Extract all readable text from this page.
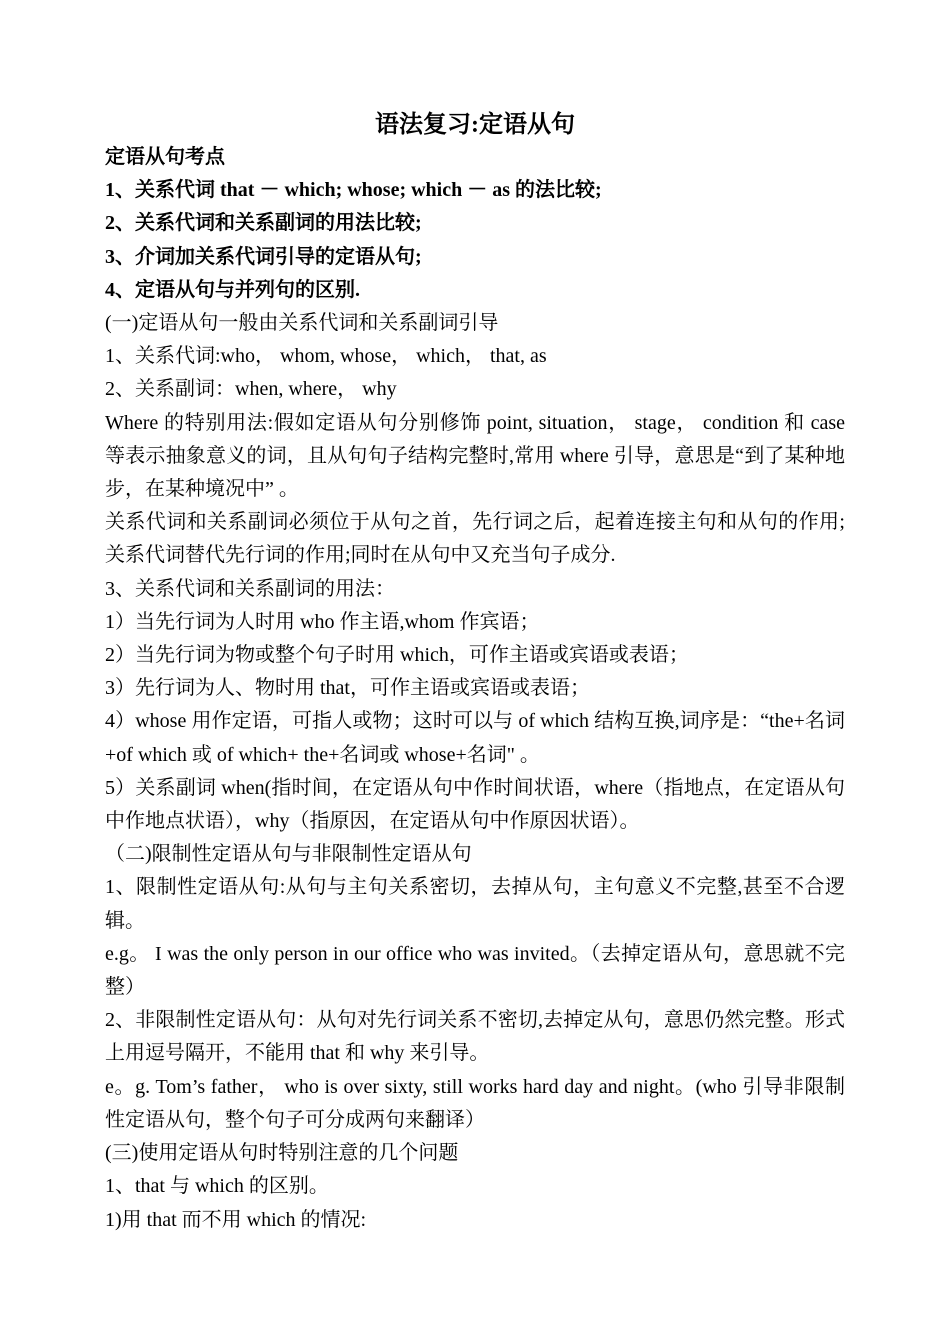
语法复习:定语从句

定语从句考点

1、关系代词 that － which; whose; which － as 的法比较;

2、关系代词和关系副词的用法比较;

3、介词加关系代词引导的定语从句;

4、定语从句与并列句的区别.

(一)定语从句一般由关系代词和关系副词引导

1、关系代词:who， whom, whose， which， that, as

2、关系副词：when, where， why

Where 的特别用法:假如定语从句分别修饰 point, situation， stage， condition 和 case 等表示抽象意义的词，且从句句子结构完整时,常用 where 引导，意思是“到了某种地步，在某种境况中” 。

关系代词和关系副词必须位于从句之首，先行词之后，起着连接主句和从句的作用;关系代词替代先行词的作用;同时在从句中又充当句子成分.

3、关系代词和关系副词的用法：

1）当先行词为人时用 who 作主语,whom 作宾语；

2）当先行词为物或整个句子时用 which，可作主语或宾语或表语；

3）先行词为人、物时用 that，可作主语或宾语或表语；

4）whose 用作定语，可指人或物；这时可以与 of which 结构互换,词序是：“the+名词+of which 或 of which+ the+名词或 whose+名词" 。

5）关系副词 when(指时间，在定语从句中作时间状语，where（指地点，在定语从句中作地点状语），why（指原因，在定语从句中作原因状语）。

（二)限制性定语从句与非限制性定语从句

1、限制性定语从句:从句与主句关系密切，去掉从句，主句意义不完整,甚至不合逻辑。

e.g。 I was the only person in our office who was invited。（去掉定语从句，意思就不完整）

2、非限制性定语从句：从句对先行词关系不密切,去掉定从句，意思仍然完整。形式上用逗号隔开，不能用 that 和 why 来引导。

e。g. Tom’s father， who is over sixty, still works hard day and night。(who 引导非限制性定语从句，整个句子可分成两句来翻译）

(三)使用定语从句时特别注意的几个问题

1、that 与 which 的区别。

1)用 that 而不用 which 的情况:
